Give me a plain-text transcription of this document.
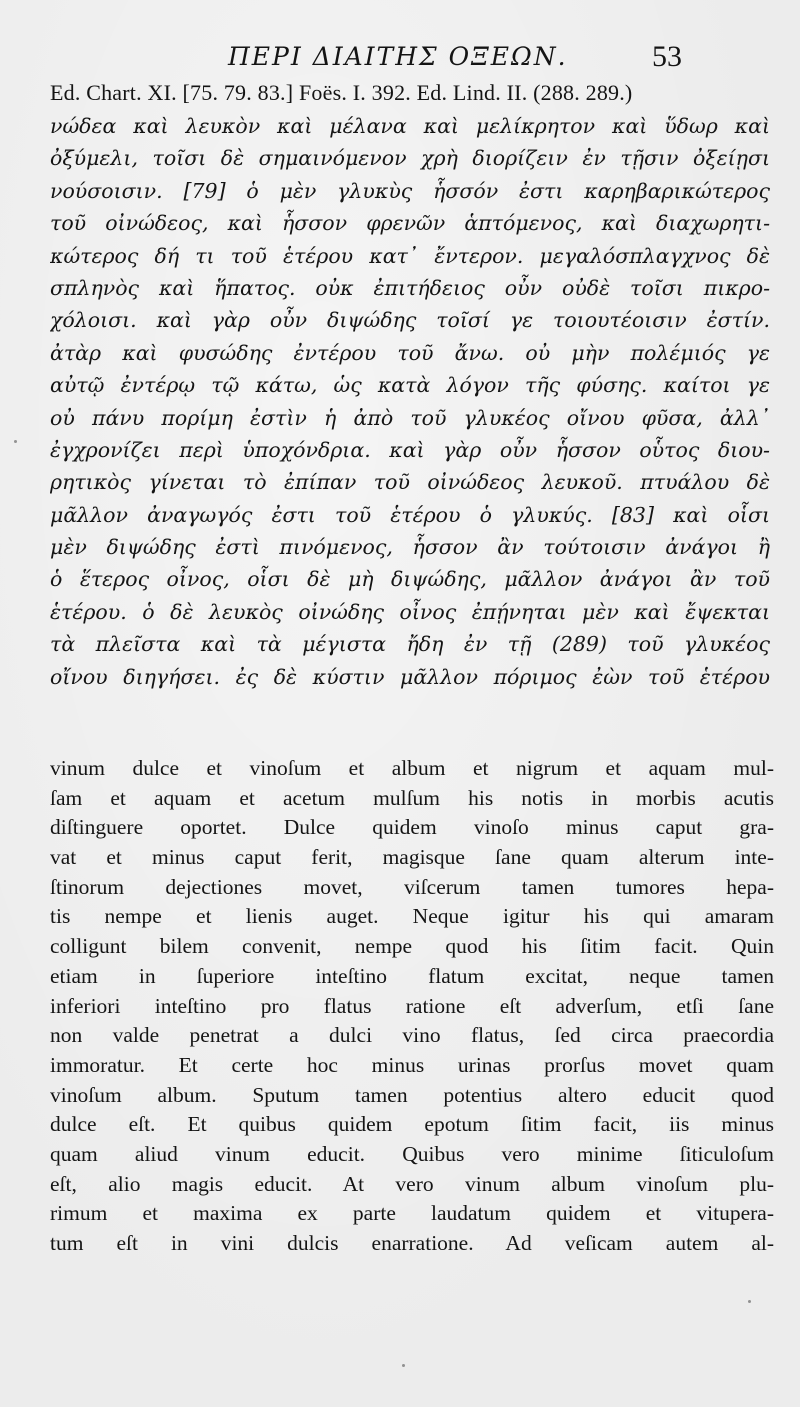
ΠΕΡΙ ΔΙΑΙΤΗΣ ΟΞΕΩΝ.	53
Ed. Chart. XI. [75. 79. 83.] Foës. I. 392. Ed. Lind. II. (288. 289.)
νώδεα καὶ λευκὸν καὶ μέλανα καὶ μελίκρητον καὶ ὕδωρ καὶ
ὀξύμελι, τοῖσι δὲ σημαινόμενον χρὴ διορίζειν ἐν τῇσιν ὀξείῃσι
νούσοισιν. [79] ὁ μὲν γλυκὺς ἧσσόν ἐστι καρηβαρικώτερος
τοῦ οἰνώδεος, καὶ ἧσσον φρενῶν ἁπτόμενος, καὶ διαχωρητι-
κώτερος δή τι τοῦ ἑτέρου κατ᾽ ἔντερον. μεγαλόσπλαγχνος δὲ
σπληνὸς καὶ ἥπατος. οὐκ ἐπιτήδειος οὖν οὐδὲ τοῖσι πικρο-
χόλοισι. καὶ γὰρ οὖν διψώδης τοῖσί γε τοιουτέοισιν ἐστίν.
ἀτὰρ καὶ φυσώδης ἐντέρου τοῦ ἄνω. οὐ μὴν πολέμιός γε
αὐτῷ ἐντέρῳ τῷ κάτω, ὡς κατὰ λόγον τῆς φύσης. καίτοι γε
οὐ πάνυ πορίμη ἐστὶν ἡ ἀπὸ τοῦ γλυκέος οἴνου φῦσα, ἀλλ᾽
ἐγχρονίζει περὶ ὑποχόνδρια. καὶ γὰρ οὖν ἧσσον οὗτος διου-
ρητικὸς γίνεται τὸ ἐπίπαν τοῦ οἰνώδεος λευκοῦ. πτυάλου δὲ
μᾶλλον ἀναγωγός ἐστι τοῦ ἑτέρου ὁ γλυκύς. [83] καὶ οἷσι
μὲν διψώδης ἐστὶ πινόμενος, ἧσσον ἂν τούτοισιν ἀνάγοι ἢ
ὁ ἕτερος οἶνος, οἷσι δὲ μὴ διψώδης, μᾶλλον ἀνάγοι ἂν τοῦ
ἑτέρου. ὁ δὲ λευκὸς οἰνώδης οἶνος ἐπῄνηται μὲν καὶ ἔψεκται
τὰ πλεῖστα καὶ τὰ μέγιστα ἤδη ἐν τῇ (289) τοῦ γλυκέος
οἴνου διηγήσει. ἐς δὲ κύστιν μᾶλλον πόριμος ἐὼν τοῦ ἑτέρου
vinum dulce et vinoſum et album et nigrum et aquam mul-
ſam et aquam et acetum mulſum his notis in morbis acutis
diſtinguere oportet. Dulce quidem vinoſo minus caput gra-
vat et minus caput ferit, magisque ſane quam alterum inte-
ſtinorum dejectiones movet, viſcerum tamen tumores hepa-
tis nempe et lienis auget. Neque igitur his qui amaram
colligunt bilem convenit, nempe quod his ſitim facit. Quin
etiam in ſuperiore inteſtino flatum excitat, neque tamen
inferiori inteſtino pro flatus ratione eſt adverſum, etſi ſane
non valde penetrat a dulci vino flatus, ſed circa praecordia
immoratur. Et certe hoc minus urinas prorſus movet quam
vinoſum album. Sputum tamen potentius altero educit quod
dulce eſt. Et quibus quidem epotum ſitim facit, iis minus
quam aliud vinum educit. Quibus vero minime ſiticuloſum
eſt, alio magis educit. At vero vinum album vinoſum plu-
rimum et maxima ex parte laudatum quidem et vitupera-
tum eſt in vini dulcis enarratione. Ad veſicam autem al-
